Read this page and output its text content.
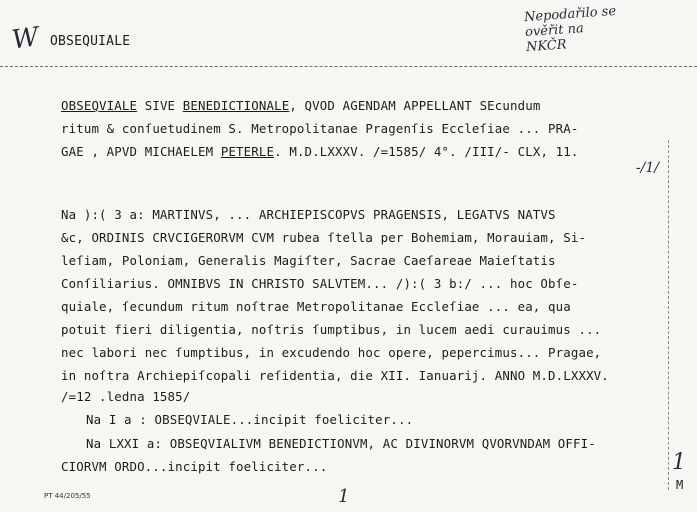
W OBSEQUIALE
Nepodařilo se
ověřit na
NKČR
OBSEQVIALE SIVE BENEDICTIONALE, QVOD AGENDAM APPELLANT SEcundum
ritum & conſuetudinem S. Metropolitanae Pragenſis Eccleſiae ... PRA-
GAE , APVD MICHAELEM PETERLE. M.D.LXXXV. /=1585/ 4°. /III/- CLX, 11.
-/1/
Na ):( 3 a: MARTINVS, ... ARCHIEPISCOPVS PRAGENSIS, LEGATVS NATVS
&c, ORDINIS CRVCIGERORVM CVM rubea ſtella per Bohemiam, Morauiam, Si-
leſiam, Poloniam, Generalis Magiſter, Sacrae Caeſareae Maieſtatis
Conſiliarius. OMNIBVS IN CHRISTO SALVTEM... /):( 3 b:/ ... hoc Obſe-
quiale, ſecundum ritum noſtrae Metropolitanae Eccleſiae ... ea, qua
potuit fieri diligentia, noſtris ſumptibus, in lucem aedi curauimus ...
nec labori nec ſumptibus, in excudendo hoc opere, pepercimus... Pragae,
in noſtra Archiepiſcopali reſidentia, die XII. Ianuarij. ANNO M.D.LXXXV.
/=12 .ledna 1585/
Na I a : OBSEQVIALE...incipit foeliciter...
Na LXXI a: OBSEQVIALIVM BENEDICTIONVM, AC DIVINORVM QVORVNDAM OFFI-
CIORVM ORDO...incipit foeliciter...	1
M
1
PT 44/205/55
